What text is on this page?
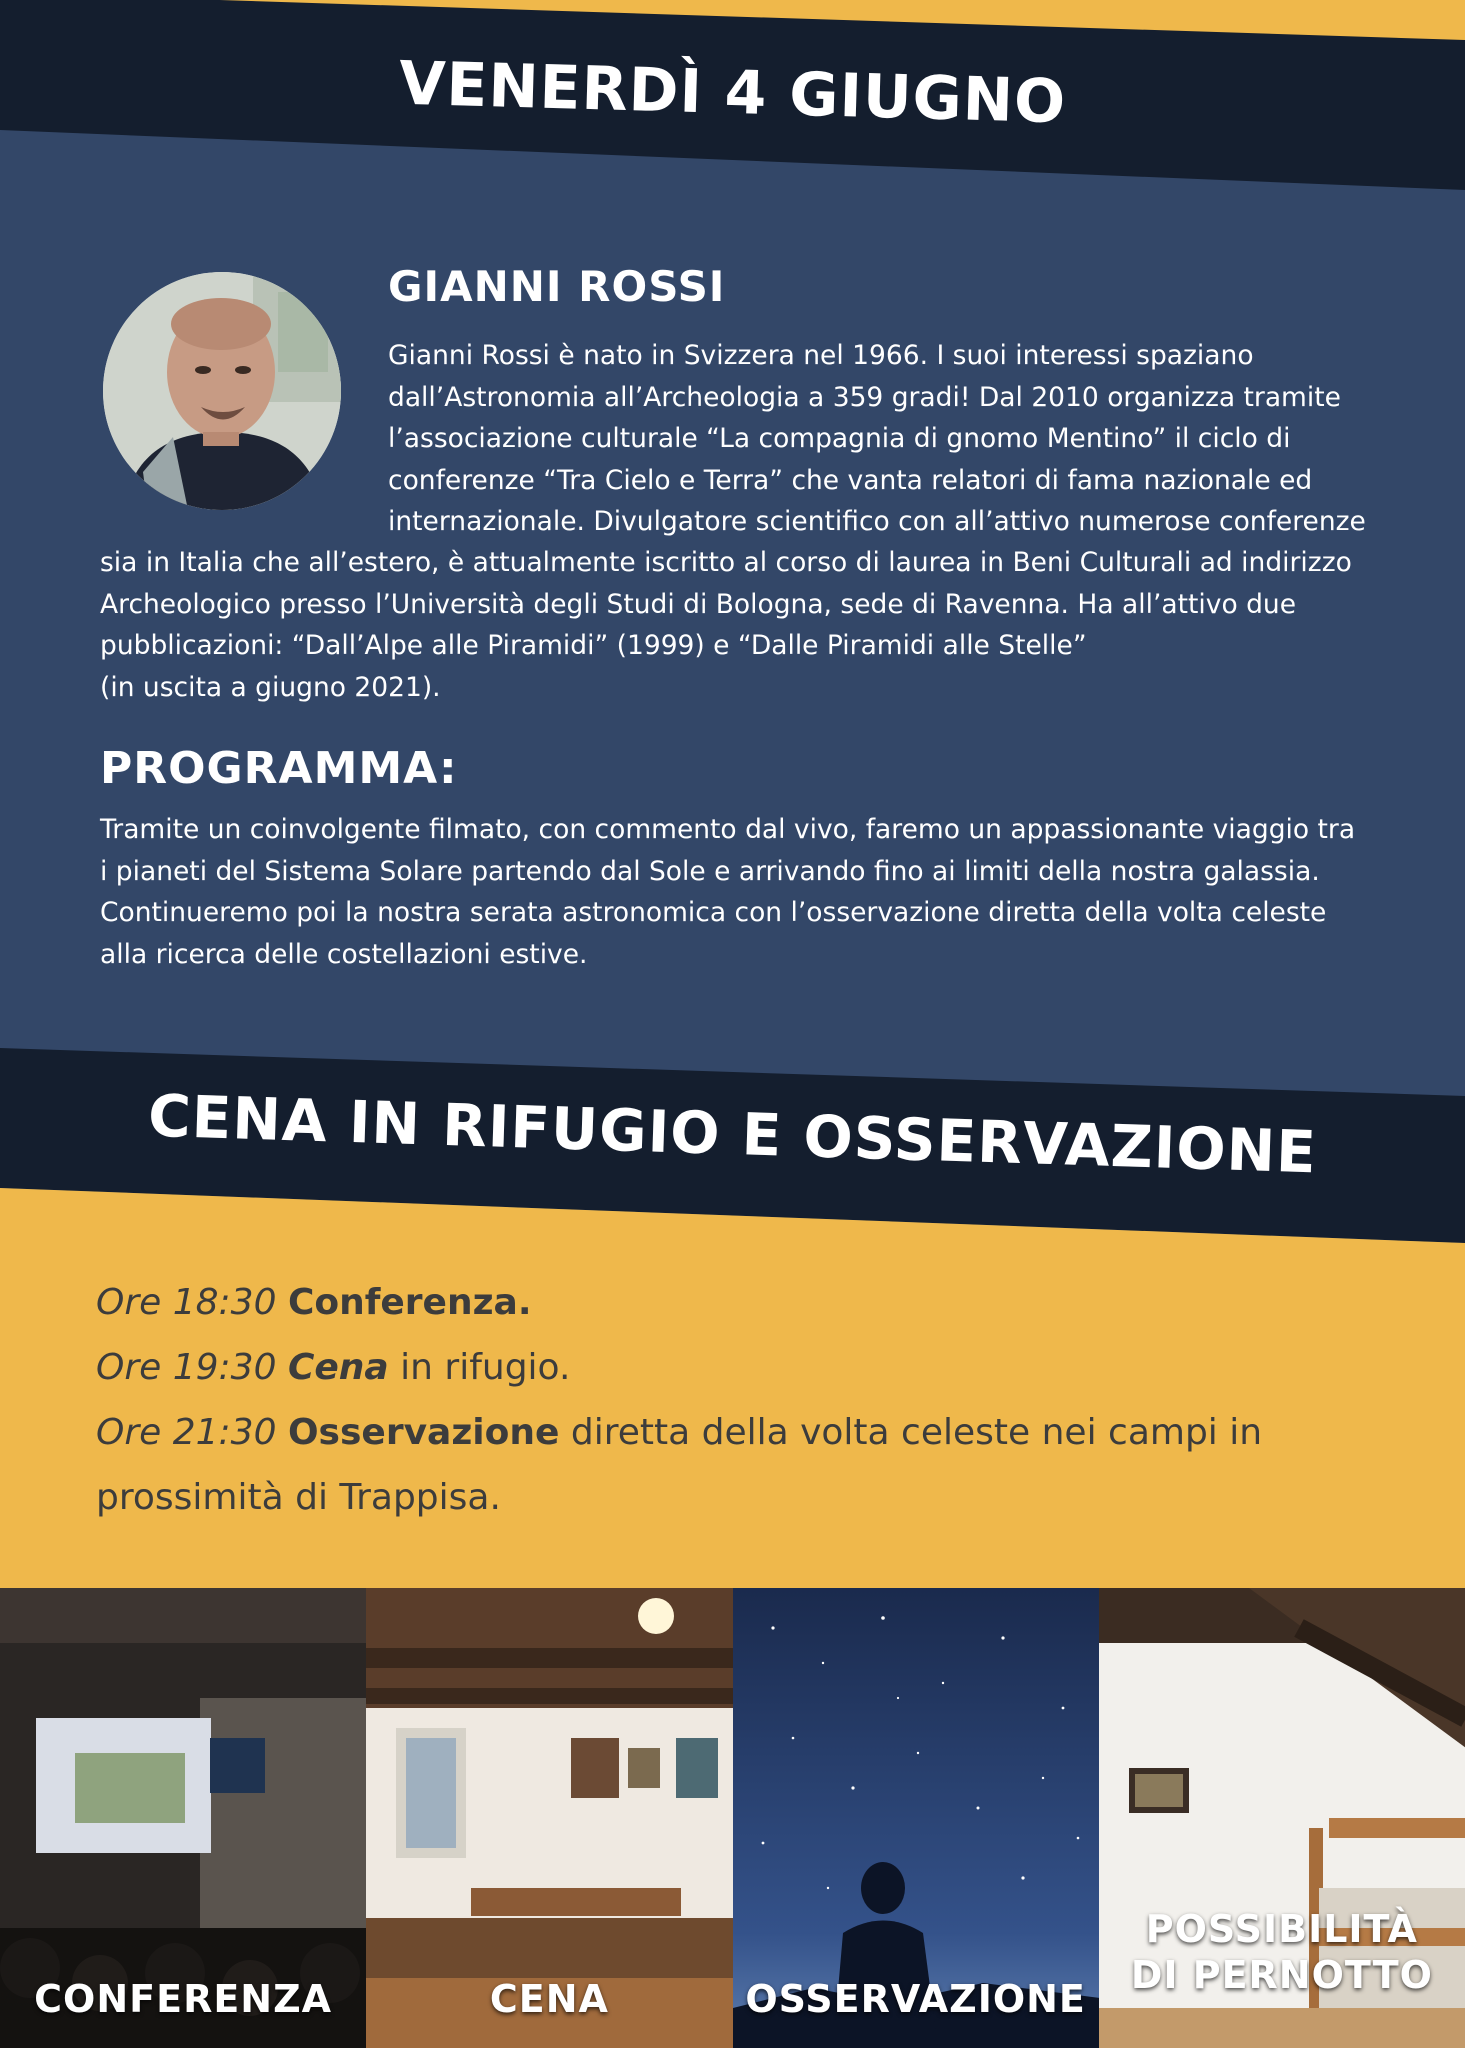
VENERDÌ 4 GIUGNO
GIANNI ROSSI
Gianni Rossi è nato in Svizzera nel 1966. I suoi interessi spaziano
dall’Astronomia all’Archeologia a 359 gradi! Dal 2010 organizza tramite
l’associazione culturale “La compagnia di gnomo Mentino” il ciclo di
conferenze “Tra Cielo e Terra” che vanta relatori di fama nazionale ed
internazionale. Divulgatore scientifico con all’attivo numerose conferenze
sia in Italia che all’estero, è attualmente iscritto al corso di laurea in Beni Culturali ad indirizzo
Archeologico presso l’Università degli Studi di Bologna, sede di Ravenna. Ha all’attivo due
pubblicazioni: “Dall’Alpe alle Piramidi” (1999) e “Dalle Piramidi alle Stelle”
(in uscita a giugno 2021).
PROGRAMMA:
Tramite un coinvolgente filmato, con commento dal vivo, faremo un appassionante viaggio tra
i pianeti del Sistema Solare partendo dal Sole e arrivando fino ai limiti della nostra galassia.
Continueremo poi la nostra serata astronomica con l’osservazione diretta della volta celeste
alla ricerca delle costellazioni estive.
CENA IN RIFUGIO E OSSERVAZIONE
Ore 18:30 Conferenza.
Ore 19:30 Cena in rifugio.
Ore 21:30 Osservazione diretta della volta celeste nei campi in
prossimità di Trappisa.
CONFERENZA	CENA	OSSERVAZIONE
POSSIBILITÀ
DI PERNOTTO
